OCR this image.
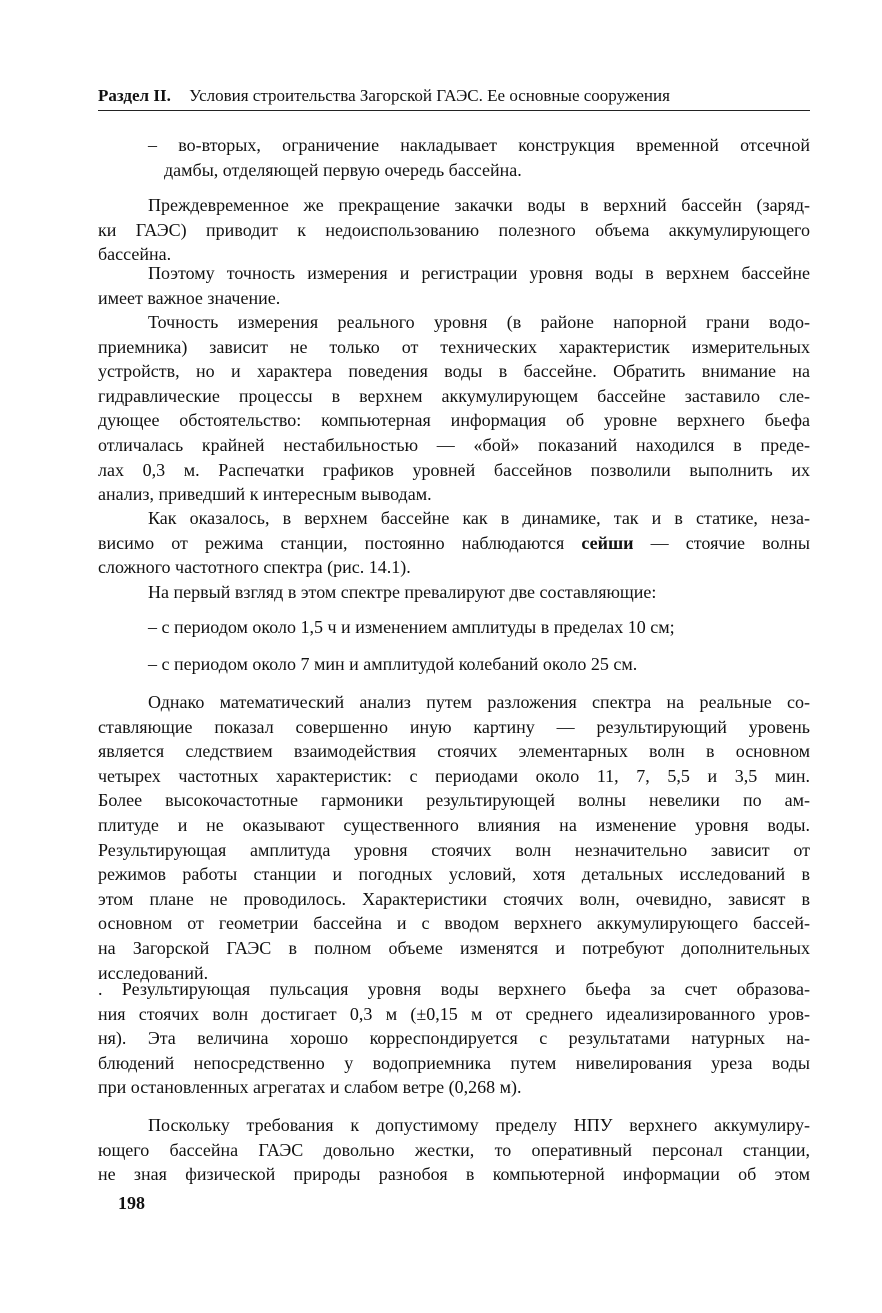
Раздел II. Условия строительства Загорской ГАЭС. Ее основные сооружения
– во-вторых, ограничение накладывает конструкция временной отсечной
дамбы, отделяющей первую очередь бассейна.
Преждевременное же прекращение закачки воды в верхний бассейн (заряд-
ки ГАЭС) приводит к недоиспользованию полезного объема аккумулирующего
бассейна.
Поэтому точность измерения и регистрации уровня воды в верхнем бассейне
имеет важное значение.
Точность измерения реального уровня (в районе напорной грани водо-
приемника) зависит не только от технических характеристик измерительных
устройств, но и характера поведения воды в бассейне. Обратить внимание на
гидравлические процессы в верхнем аккумулирующем бассейне заставило сле-
дующее обстоятельство: компьютерная информация об уровне верхнего бьефа
отличалась крайней нестабильностью — «бой» показаний находился в преде-
лах 0,3 м. Распечатки графиков уровней бассейнов позволили выполнить их
анализ, приведший к интересным выводам.
Как оказалось, в верхнем бассейне как в динамике, так и в статике, неза-
висимо от режима станции, постоянно наблюдаются сейши — стоячие волны
сложного частотного спектра (рис. 14.1).
На первый взгляд в этом спектре превалируют две составляющие:
– с периодом около 1,5 ч и изменением амплитуды в пределах 10 см;
– с периодом около 7 мин и амплитудой колебаний около 25 см.
Однако математический анализ путем разложения спектра на реальные со-
ставляющие показал совершенно иную картину — результирующий уровень
является следствием взаимодействия стоячих элементарных волн в основном
четырех частотных характеристик: с периодами около 11, 7, 5,5 и 3,5 мин.
Более высокочастотные гармоники результирующей волны невелики по ам-
плитуде и не оказывают существенного влияния на изменение уровня воды.
Результирующая амплитуда уровня стоячих волн незначительно зависит от
режимов работы станции и погодных условий, хотя детальных исследований в
этом плане не проводилось. Характеристики стоячих волн, очевидно, зависят в
основном от геометрии бассейна и с вводом верхнего аккумулирующего бассей-
на Загорской ГАЭС в полном объеме изменятся и потребуют дополнительных
исследований.
. Результирующая пульсация уровня воды верхнего бьефа за счет образова-
ния стоячих волн достигает 0,3 м (±0,15 м от среднего идеализированного уров-
ня). Эта величина хорошо корреспондируется с результатами натурных на-
блюдений непосредственно у водоприемника путем нивелирования уреза воды
при остановленных агрегатах и слабом ветре (0,268 м).
Поскольку требования к допустимому пределу НПУ верхнего аккумулиру-
ющего бассейна ГАЭС довольно жестки, то оперативный персонал станции,
не зная физической природы разнобоя в компьютерной информации об этом
198
